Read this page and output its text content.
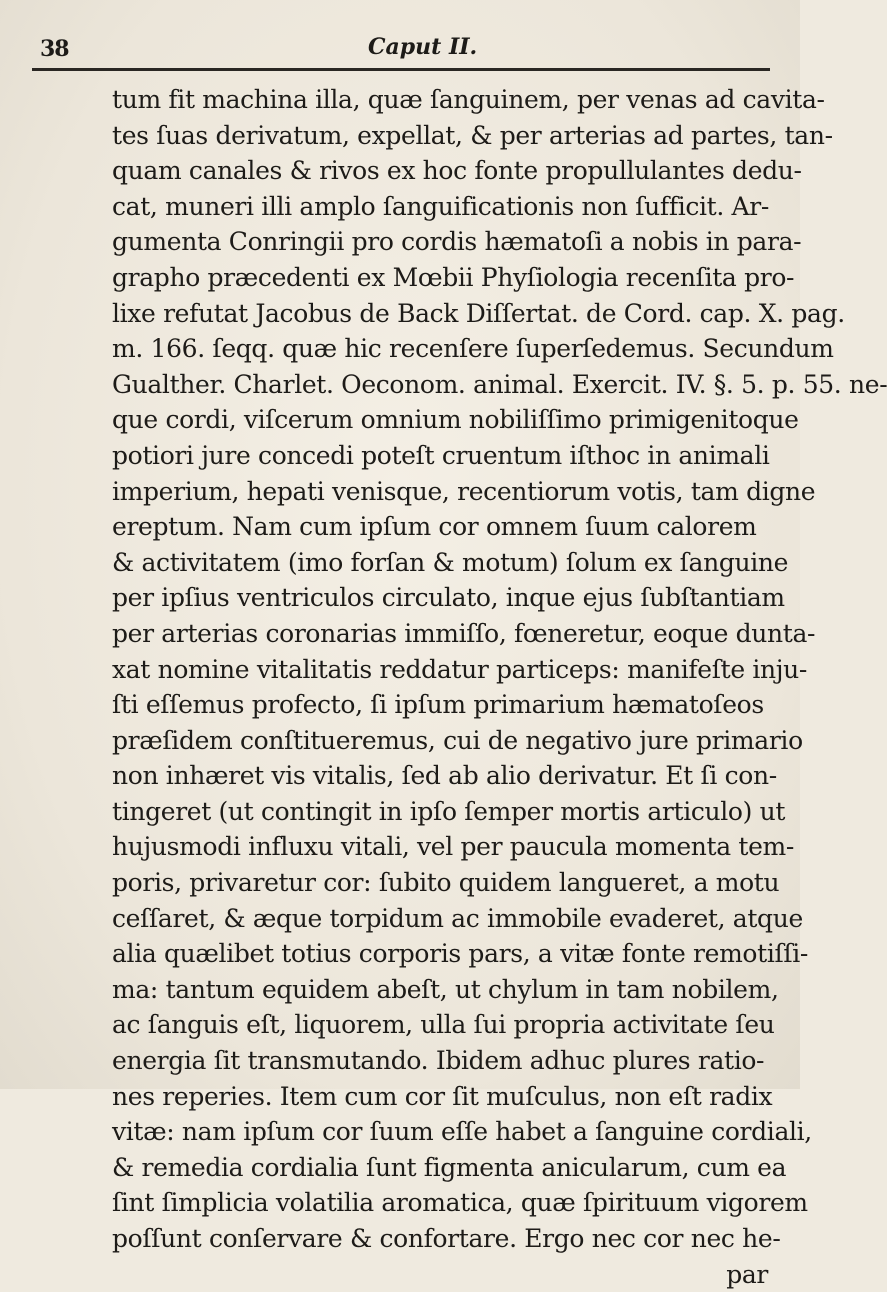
38	Caput II.
tum fit machina illa, quæ ſanguinem, per venas ad cavita-
tes ſuas derivatum, expellat, & per arterias ad partes, tan-
quam canales & rivos ex hoc fonte propullulantes dedu-
cat, muneri illi amplo ſanguificationis non ſufficit. Ar-
gumenta Conringii pro cordis hæmatoſi a nobis in para-
grapho præcedenti ex Mœbii Phyſiologia recenſita pro-
lixe refutat Jacobus de Back Diſſertat. de Cord. cap. X. pag.
m. 166. ſeqq. quæ hic recenſere ſuperſedemus. Secundum
Gualther. Charlet. Oeconom. animal. Exercit. IV. §. 5. p. 55. ne-
que cordi, viſcerum omnium nobiliſſimo primigenitoque
potiori jure concedi poteſt cruentum iſthoc in animali
imperium, hepati venisque, recentiorum votis, tam digne
ereptum. Nam cum ipſum cor omnem ſuum calorem
& activitatem (imo forſan & motum) ſolum ex ſanguine
per ipſius ventriculos circulato, inque ejus ſubſtantiam
per arterias coronarias immiſſo, fœneretur, eoque dunta-
xat nomine vitalitatis reddatur particeps: manifeſte inju-
ſti eſſemus profecto, ſi ipſum primarium hæmatoſeos
præſidem conſtitueremus, cui de negativo jure primario
non inhæret vis vitalis, ſed ab alio derivatur. Et ſi con-
tingeret (ut contingit in ipſo ſemper mortis articulo) ut
hujusmodi influxu vitali, vel per paucula momenta tem-
poris, privaretur cor: ſubito quidem langueret, a motu
ceſſaret, & æque torpidum ac immobile evaderet, atque
alia quælibet totius corporis pars, a vitæ fonte remotiſſi-
ma: tantum equidem abeſt, ut chylum in tam nobilem,
ac ſanguis eſt, liquorem, ulla ſui propria activitate ſeu
energia ſit transmutando. Ibidem adhuc plures ratio-
nes reperies. Item cum cor ſit muſculus, non eſt radix
vitæ: nam ipſum cor ſuum eſſe habet a ſanguine cordiali,
& remedia cordialia ſunt figmenta anicularum, cum ea
ſint ſimplicia volatilia aromatica, quæ ſpirituum vigorem
poſſunt conſervare & confortare. Ergo nec cor nec he-
par
